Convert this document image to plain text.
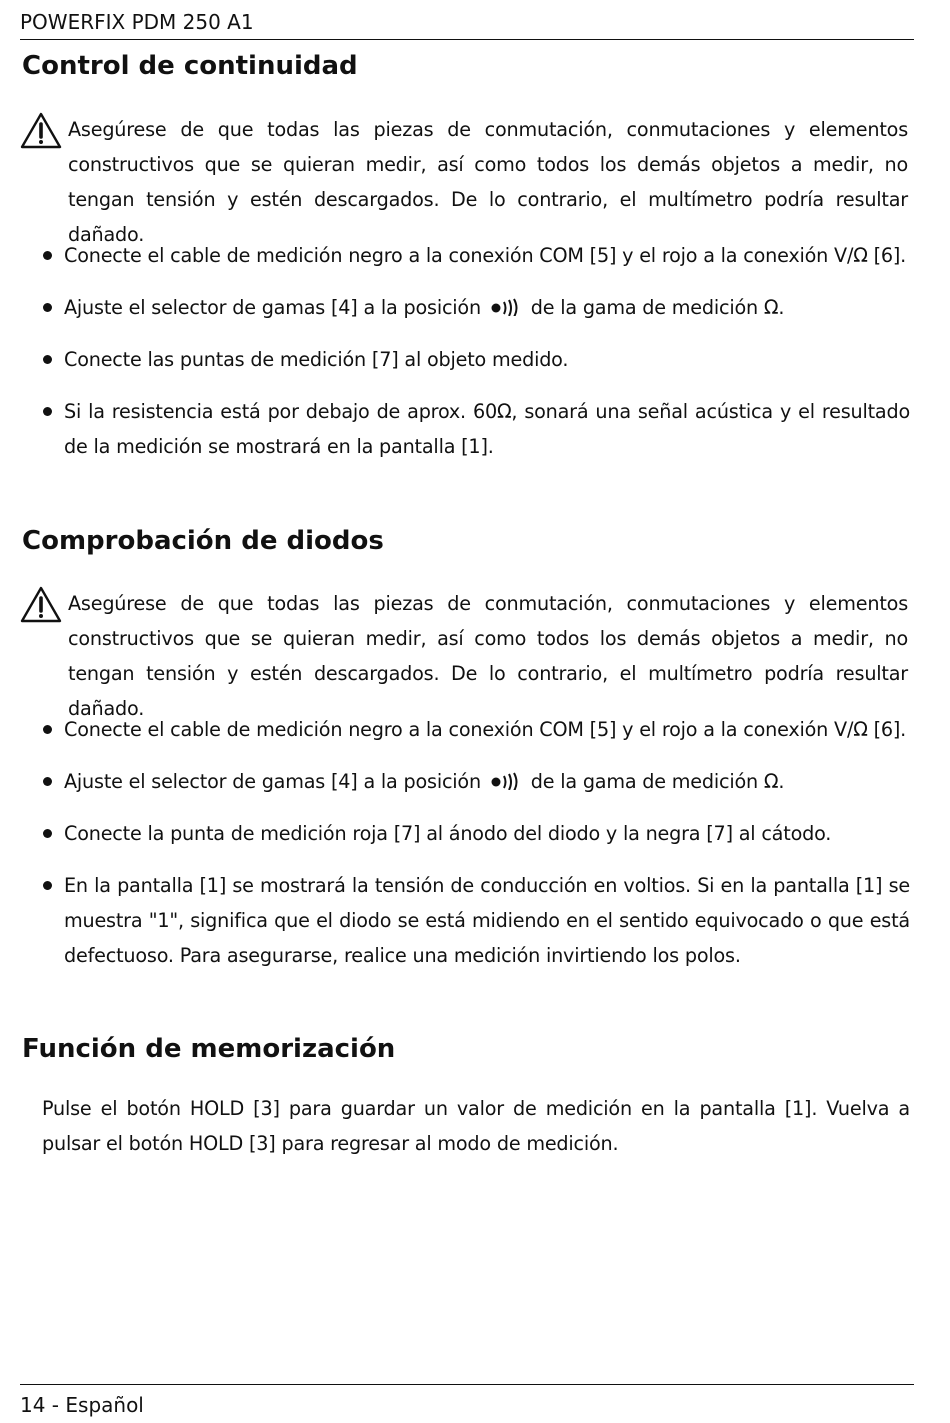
POWERFIX PDM 250 A1
Control de continuidad

Asegúrese de que todas las piezas de conmutación, conmutaciones y elementos constructivos que se quieran medir, así como todos los demás objetos a medir, no tengan tensión y estén descargados. De lo contrario, el multímetro podría resultar dañado.

Conecte el cable de medición negro a la conexión COM [5] y el rojo a la conexión V/Ω [6].
Ajuste el selector de gamas [4] a la posición	de la gama de medición Ω.
Conecte las puntas de medición [7] al objeto medido.
Si la resistencia está por debajo de aprox. 60Ω, sonará una señal acústica y el resultado de la medición se mostrará en la pantalla [1].
Comprobación de diodos

Asegúrese de que todas las piezas de conmutación, conmutaciones y elementos constructivos que se quieran medir, así como todos los demás objetos a medir, no tengan tensión y estén descargados. De lo contrario, el multímetro podría resultar dañado.

Conecte el cable de medición negro a la conexión COM [5] y el rojo a la conexión V/Ω [6].
Ajuste el selector de gamas [4] a la posición	de la gama de medición Ω.
Conecte la punta de medición roja [7] al ánodo del diodo y la negra [7] al cátodo.
En la pantalla [1] se mostrará la tensión de conducción en voltios. Si en la pantalla [1] se muestra "1", significa que el diodo se está midiendo en el sentido equivocado o que está defectuoso. Para asegurarse, realice una medición invirtiendo los polos.
Función de memorización

Pulse el botón HOLD [3] para guardar un valor de medición en la pantalla [1]. Vuelva a pulsar el botón HOLD [3] para regresar al modo de medición.

14 - Español
